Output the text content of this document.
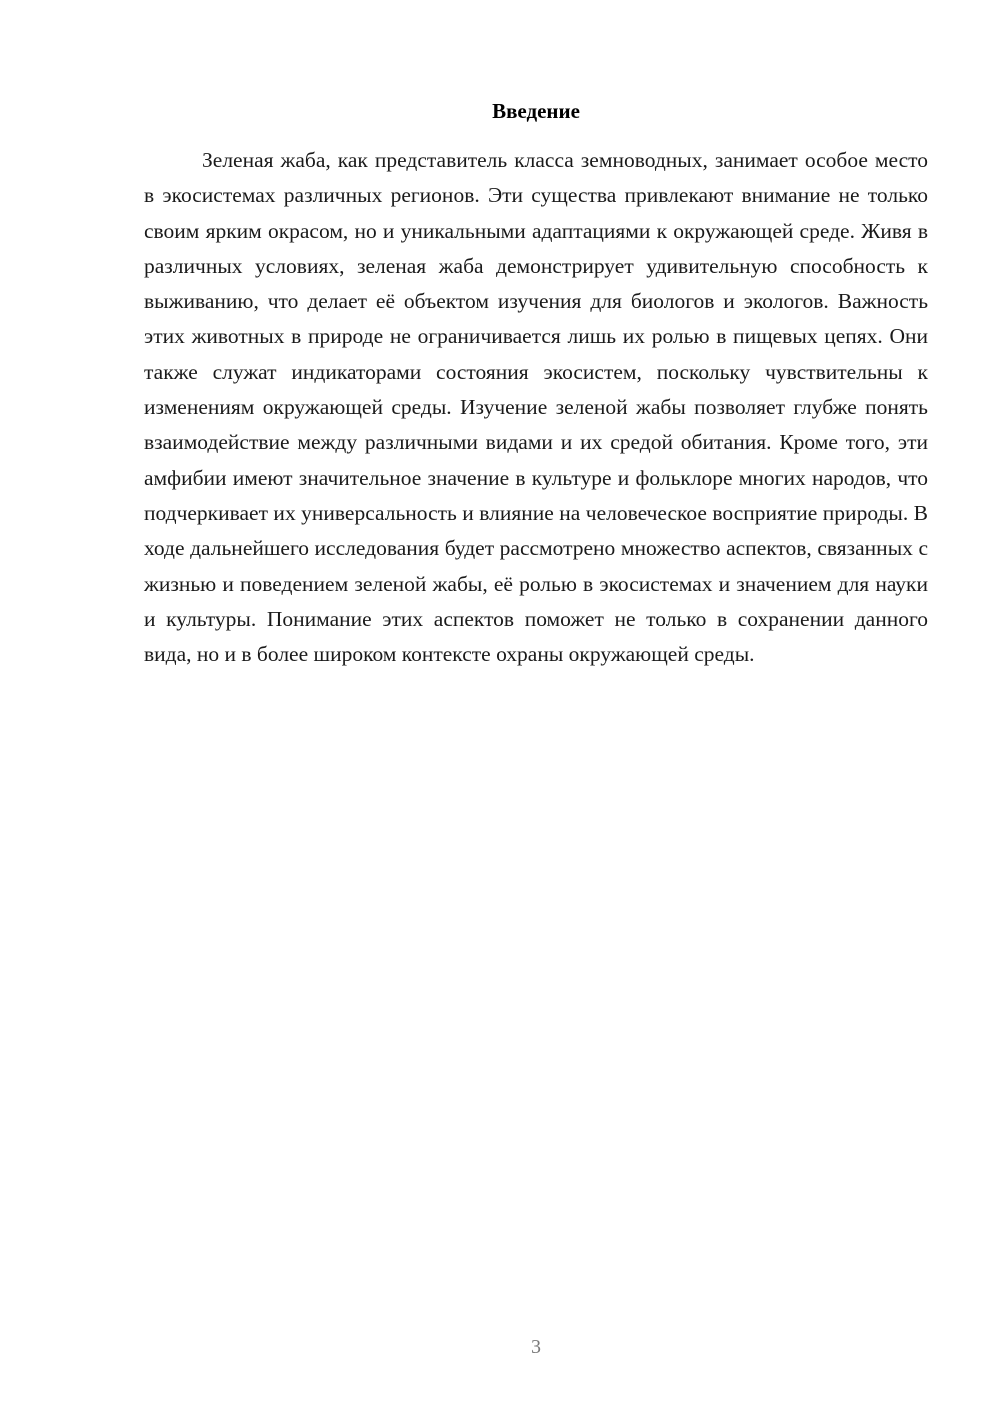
Введение

Зеленая жаба, как представитель класса земноводных, занимает особое место в экосистемах различных регионов. Эти существа привлекают внимание не только своим ярким окрасом, но и уникальными адаптациями к окружающей среде. Живя в различных условиях, зеленая жаба демонстрирует удивительную способность к выживанию, что делает её объектом изучения для биологов и экологов. Важность этих животных в природе не ограничивается лишь их ролью в пищевых цепях. Они также служат индикаторами состояния экосистем, поскольку чувствительны к изменениям окружающей среды. Изучение зеленой жабы позволяет глубже понять взаимодействие между различными видами и их средой обитания. Кроме того, эти амфибии имеют значительное значение в культуре и фольклоре многих народов, что подчеркивает их универсальность и влияние на человеческое восприятие природы. В ходе дальнейшего исследования будет рассмотрено множество аспектов, связанных с жизнью и поведением зеленой жабы, её ролью в экосистемах и значением для науки и культуры. Понимание этих аспектов поможет не только в сохранении данного вида, но и в более широком контексте охраны окружающей среды.

3
